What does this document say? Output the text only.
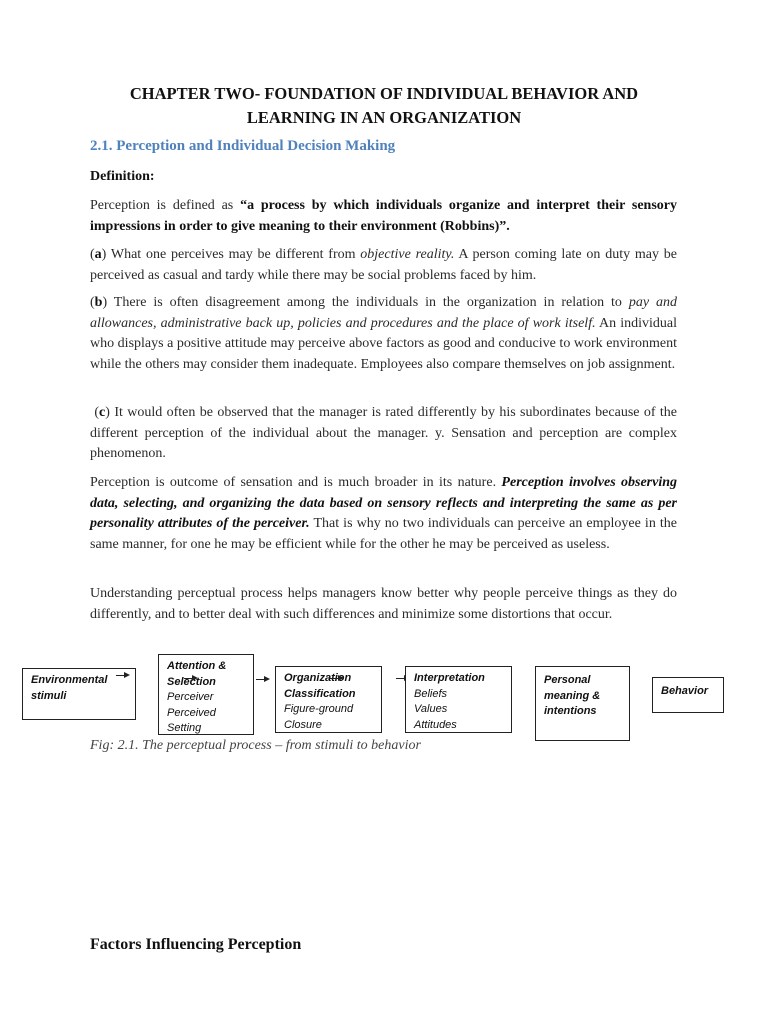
CHAPTER TWO- FOUNDATION OF INDIVIDUAL BEHAVIOR AND LEARNING IN AN ORGANIZATION
2.1. Perception and Individual Decision Making
Definition:

Perception is defined as “a process by which individuals organize and interpret their sensory impressions in order to give meaning to their environment (Robbins)”.

(a) What one perceives may be different from objective reality. A person coming late on duty may be perceived as casual and tardy while there may be social problems faced by him.

(b) There is often disagreement among the individuals in the organization in relation to pay and allowances, administrative back up, policies and procedures and the place of work itself. An individual who displays a positive attitude may perceive above factors as good and conducive to work environment while the others may consider them inadequate. Employees also compare themselves on job assignment.

(c) It would often be observed that the manager is rated differently by his subordinates because of the different perception of the individual about the manager. y. Sensation and perception are complex phenomenon.

Perception is outcome of sensation and is much broader in its nature. Perception involves observing data, selecting, and organizing the data based on sensory reflects and interpreting the same as per personality attributes of the perceiver. That is why no two individuals can perceive an employee in the same manner, for one he may be efficient while for the other he may be perceived as useless.

Understanding perceptual process helps managers know better why people perceive things as they do differently, and to better deal with such differences and minimize some distortions that occur.

Environmental stimuli
Attention & Selection
Perceiver
Perceived
Setting
Organization Classification
Figure-ground
Closure
Interpretation
Beliefs
Values
Attitudes
Personal meaning & intentions
Behavior
Fig: 2.1. The perceptual process – from stimuli to behavior
Factors Influencing Perception
